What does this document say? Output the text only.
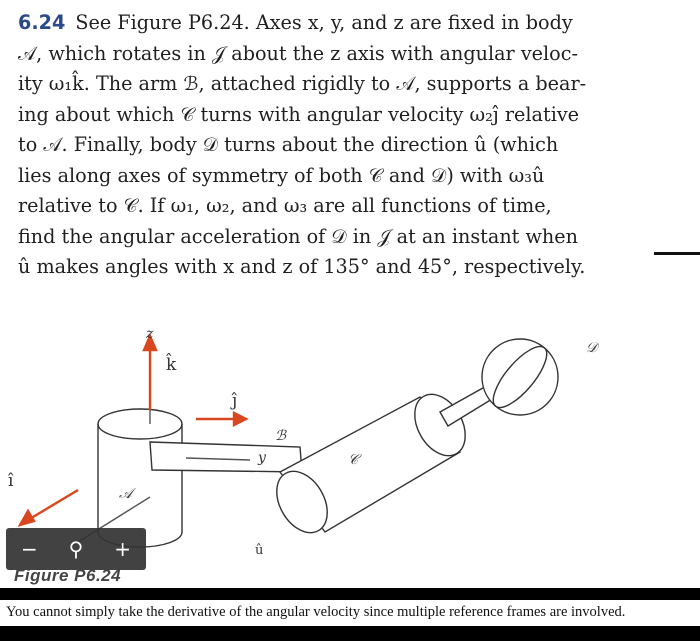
6.24 See Figure P6.24. Axes x, y, and z are fixed in body
𝒜, which rotates in 𝒥 about the z axis with angular veloc-
ity ω₁k̂. The arm ℬ, attached rigidly to 𝒜, supports a bear-
ing about which 𝒞 turns with angular velocity ω₂ĵ relative
to 𝒜. Finally, body 𝒟 turns about the direction û (which
lies along axes of symmetry of both 𝒞 and 𝒟) with ω₃û
relative to 𝒞. If ω₁, ω₂, and ω₃ are all functions of time,
find the angular acceleration of 𝒟 in 𝒥 at an instant when
û makes angles with x and z of 135° and 45°, respectively.
z
k̂
ĵ
y
î
𝒜
ℬ
𝒞
𝒟
û
−	⚲	+
Figure P6.24
You cannot simply take the derivative of the angular velocity since multiple reference frames are involved.
